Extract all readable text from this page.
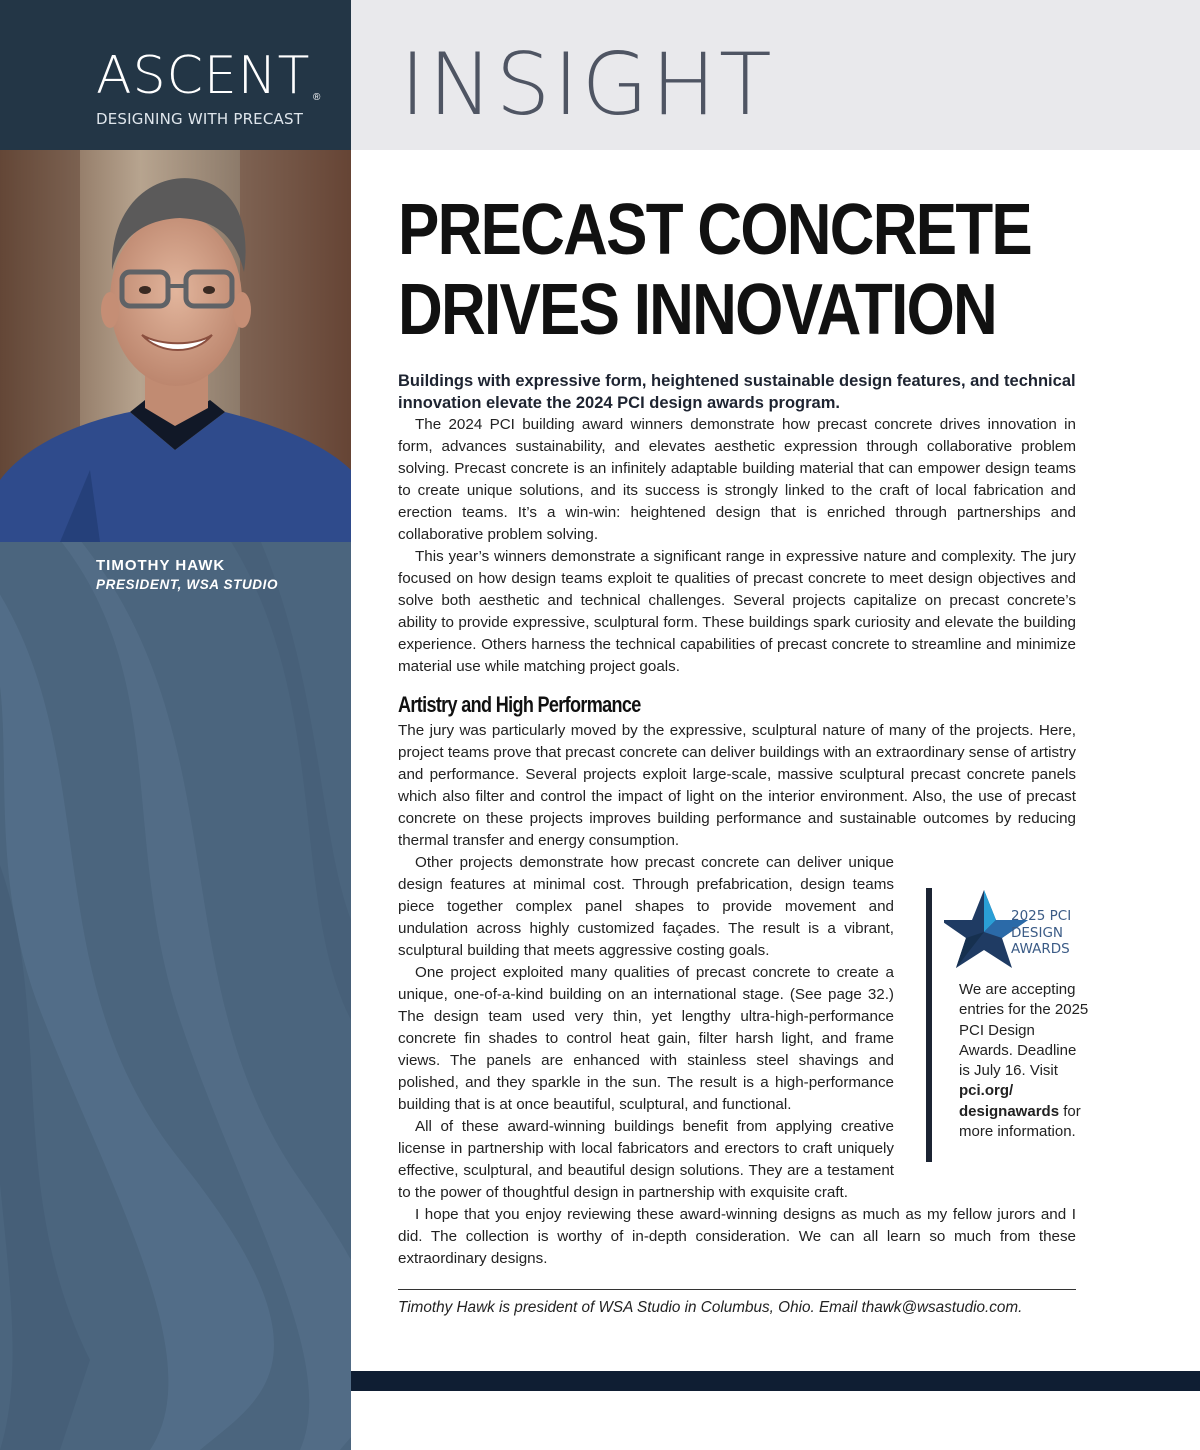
ASCENT ®
DESIGNING WITH PRECAST
TIMOTHY HAWK
PRESIDENT, WSA STUDIO
INSIGHT
PRECAST CONCRETE
DRIVES INNOVATION

Buildings with expressive form, heightened sustainable design features, and technical innovation elevate the 2024 PCI design awards program.

The 2024 PCI building award winners demonstrate how precast concrete drives innovation in form, advances sustainability, and elevates aesthetic expression through collaborative problem solving. Precast concrete is an infinitely adaptable building material that can empower design teams to create unique solutions, and its success is strongly linked to the craft of local fabrication and erection teams. It’s a win-win: heightened design that is enriched through partnerships and collaborative problem solving.

This year’s winners demonstrate a significant range in expressive nature and complexity. The jury focused on how design teams exploit te qualities of precast concrete to meet design objectives and solve both aesthetic and technical challenges. Several projects capitalize on precast concrete’s ability to provide expressive, sculptural form. These buildings spark curiosity and elevate the building experience. Others harness the technical capabilities of precast concrete to streamline and minimize material use while matching project goals.

Artistry and High Performance

The jury was particularly moved by the expressive, sculptural nature of many of the projects. Here, project teams prove that precast concrete can deliver buildings with an extraordinary sense of artistry and performance. Several projects exploit large-scale, massive sculptural precast concrete panels which also filter and control the impact of light on the interior environment. Also, the use of precast concrete on these projects improves building performance and sustainable outcomes by reducing thermal transfer and energy consumption.

Other projects demonstrate how precast concrete can deliver unique design features at minimal cost. Through prefabrication, design teams piece together complex panel shapes to provide movement and undulation across highly customized façades. The result is a vibrant, sculptural building that meets aggressive costing goals.

One project exploited many qualities of precast concrete to create a unique, one-of-a-kind building on an international stage. (See page 32.) The design team used very thin, yet lengthy ultra-high-performance concrete fin shades to control heat gain, filter harsh light, and frame views. The panels are enhanced with stainless steel shavings and polished, and they sparkle in the sun. The result is a high-performance building that is at once beautiful, sculptural, and functional.

All of these award-winning buildings benefit from applying creative license in partnership with local fabricators and erectors to craft uniquely effective, sculptural, and beautiful design solutions. They are a testament to the power of thoughtful design in partnership with exquisite craft.

I hope that you enjoy reviewing these award-winning designs as much as my fellow jurors and I did. The collection is worthy of in-depth consideration. We can all learn so much from these extraordinary designs.

2025 PCI
DESIGN
AWARDS
We are accepting entries for the 2025 PCI Design Awards. Deadline is July 16. Visit pci.org/ designawards for more information.
Timothy Hawk is president of WSA Studio in Columbus, Ohio. Email thawk@wsastudio.com.
